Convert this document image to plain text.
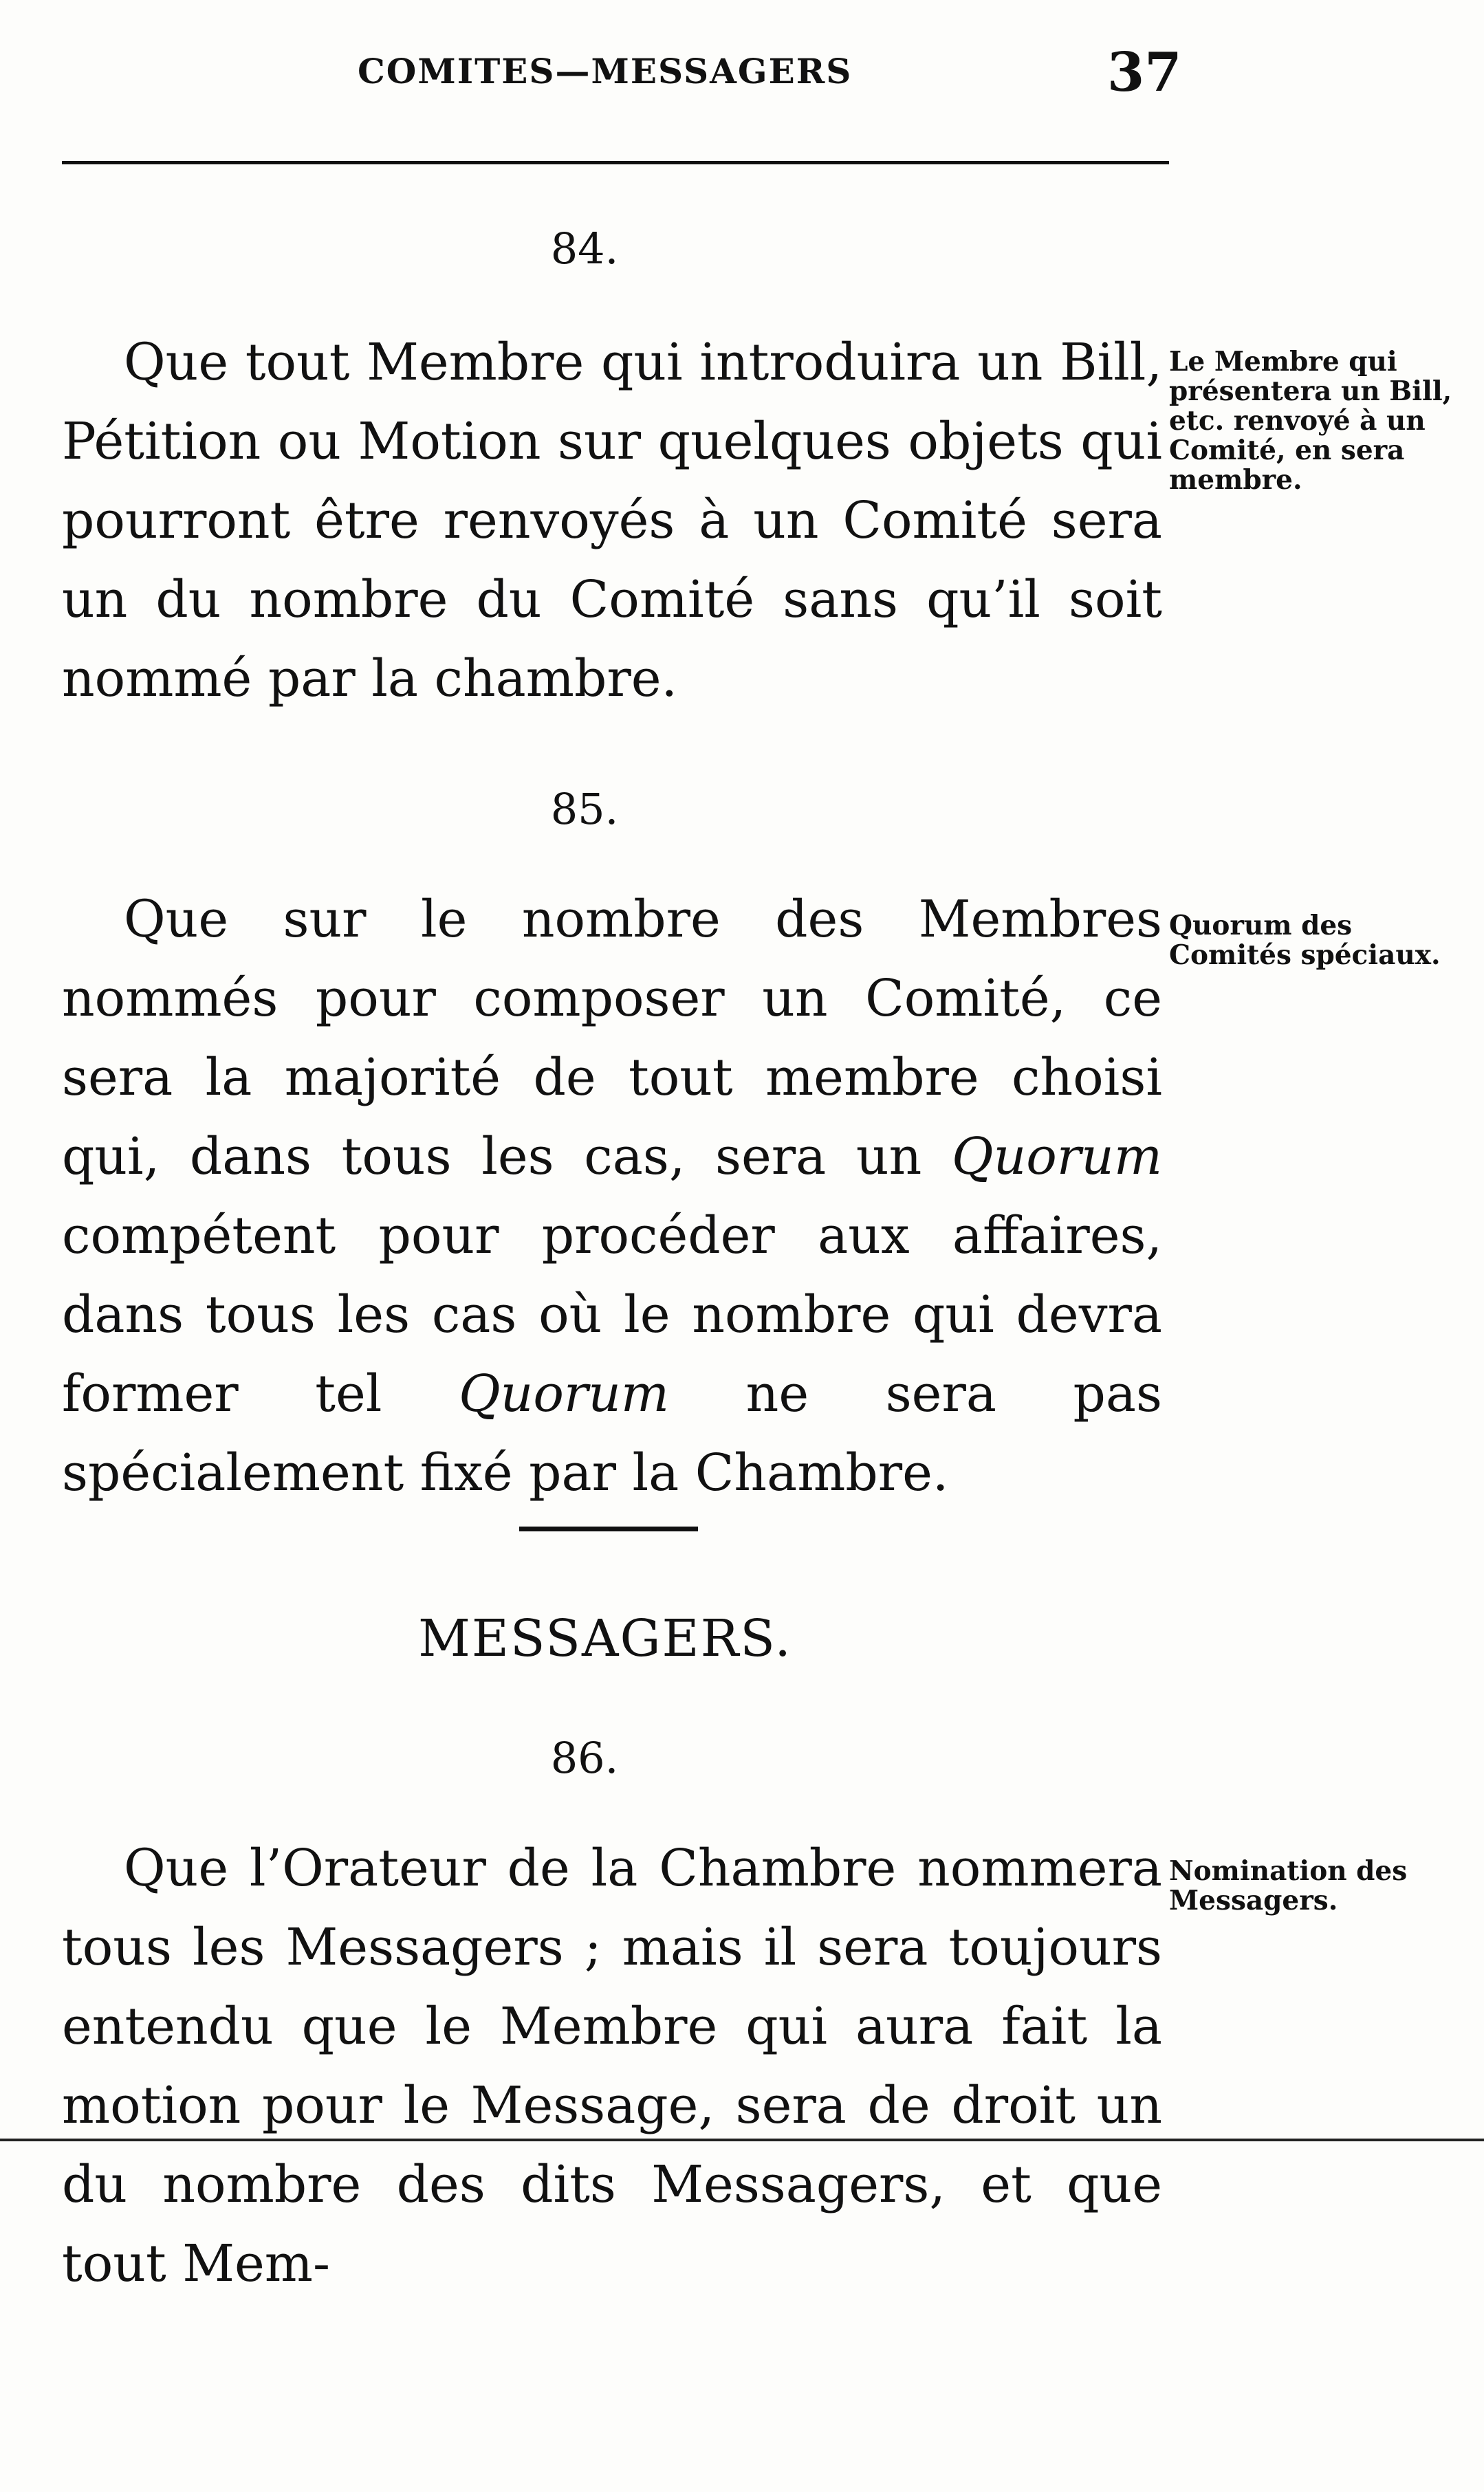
COMITES—MESSAGERS	37
84.

Que tout Membre qui introduira un Bill, Pétition ou Motion sur quelques objets qui pourront être renvoyés à un Comité sera un du nombre du Comité sans qu’il soit nommé par la chambre.

Le Membre qui présentera un Bill, etc. renvoyé à un Comité, en sera membre.
85.

Que sur le nombre des Membres nommés pour composer un Comité, ce sera la majorité de tout membre choisi qui, dans tous les cas, sera un Quorum compétent pour procéder aux affaires, dans tous les cas où le nombre qui devra former tel Quorum ne sera pas spécialement fixé par la Chambre.

Quorum des Comités spéciaux.
MESSAGERS.
86.

Que l’Orateur de la Chambre nommera tous les Messagers ; mais il sera toujours entendu que le Membre qui aura fait la motion pour le Message, sera de droit un du nombre des dits Messagers, et que tout Mem-

Nomination des Messagers.
